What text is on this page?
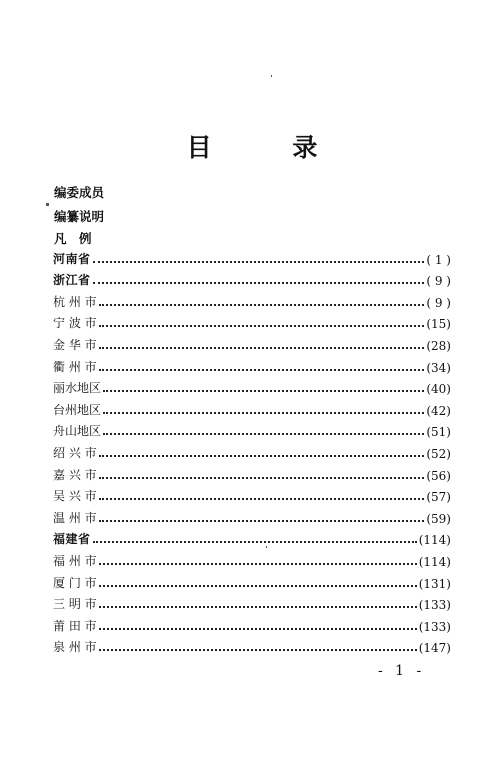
目 录
编委成员
编纂说明
凡　例
河南省	( 1 )
浙江省	( 9 )
杭 州 市	( 9 )
宁 波 市	(15)
金 华 市	(28)
衢 州 市	(34)
丽水地区	(40)
台州地区	(42)
舟山地区	(51)
绍 兴 市	(52)
嘉 兴 市	(56)
吴 兴 市	(57)
温 州 市	(59)
福建省	(114)
福 州 市	(114)
厦 门 市	(131)
三 明 市	(133)
莆 田 市	(133)
泉 州 市	(147)
- 1 -
